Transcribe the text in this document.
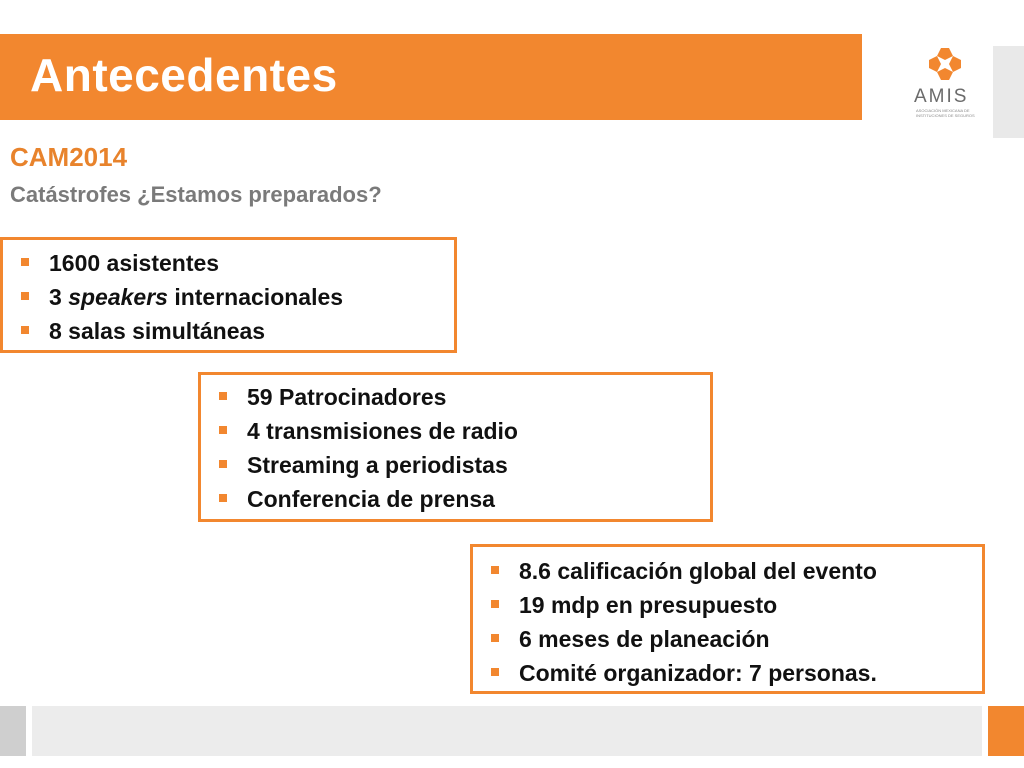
Antecedentes	AMIS
ASOCIACIÓN MEXICANA DE INSTITUCIONES DE SEGUROS
CAM2014
Catástrofes ¿Estamos preparados?
1600 asistentes
3 speakers internacionales
8 salas simultáneas
59 Patrocinadores
4 transmisiones de radio
Streaming a periodistas
Conferencia de prensa
8.6 calificación global del evento
19 mdp en presupuesto
6 meses de planeación
Comité organizador: 7 personas.
